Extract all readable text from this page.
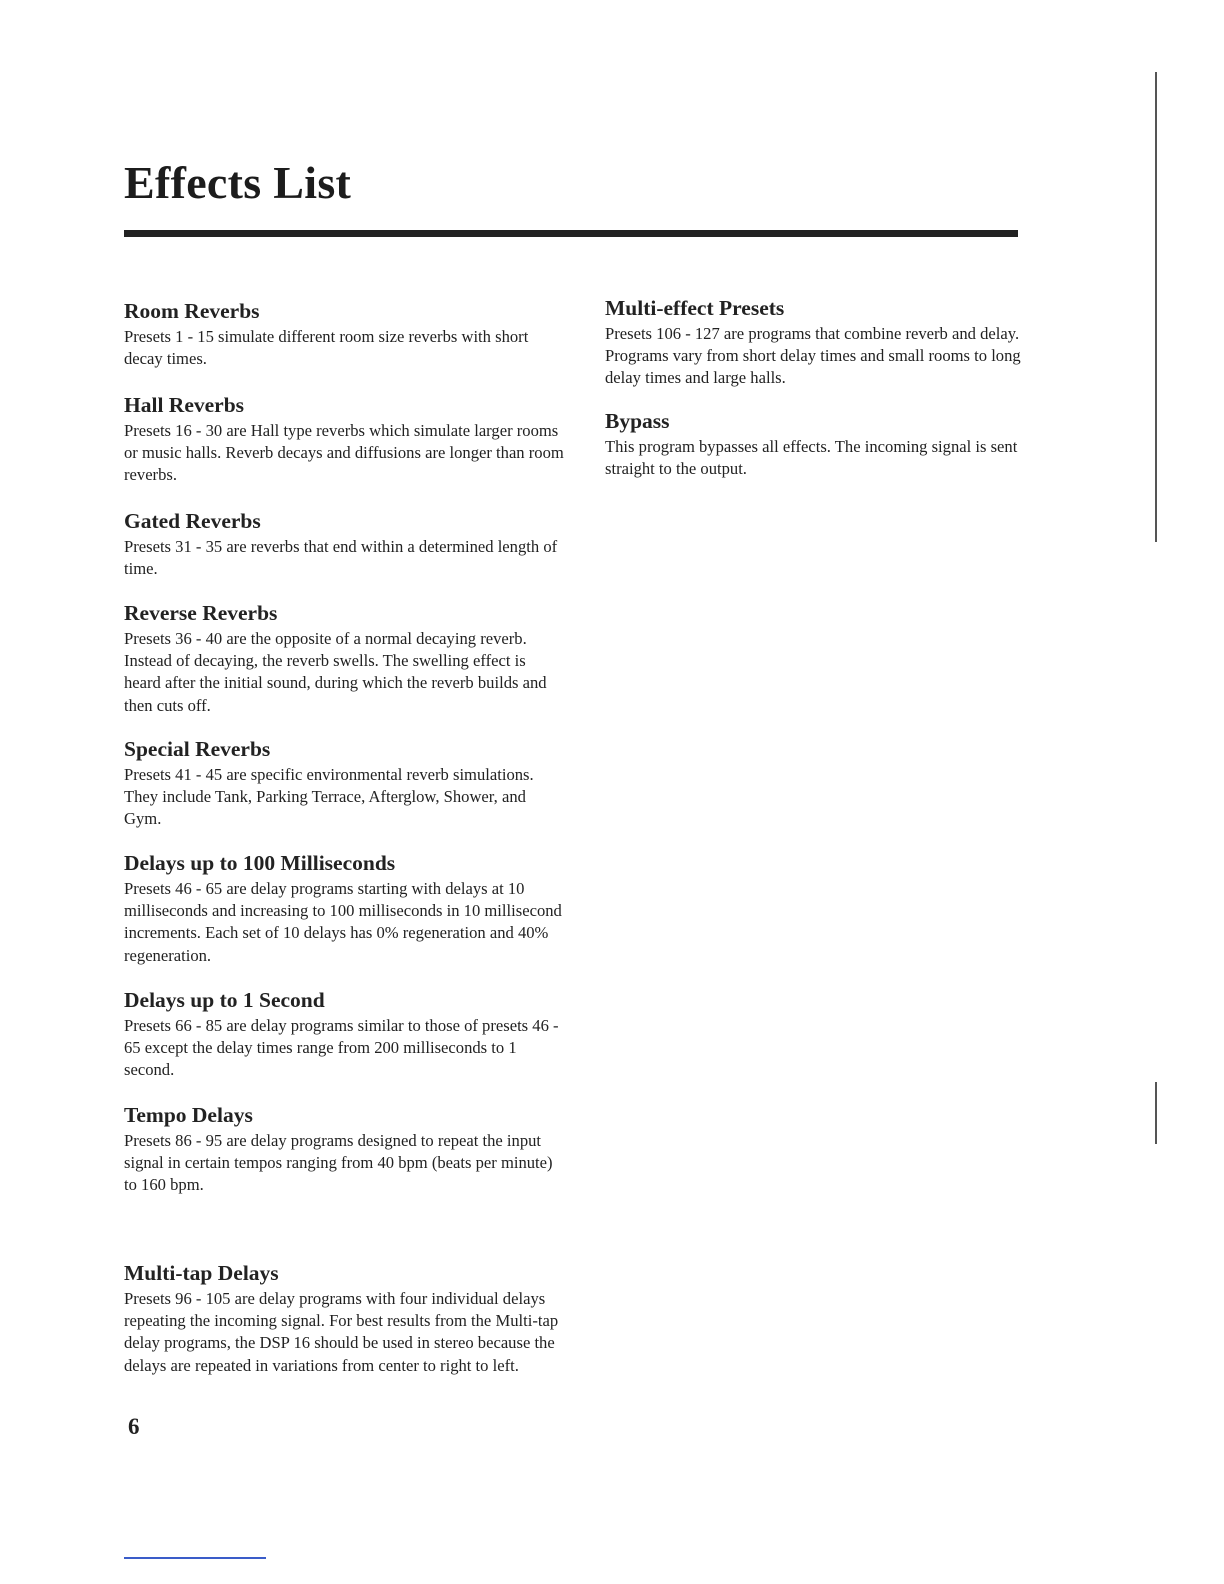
Effects List
Room Reverbs

Presets 1 - 15 simulate different room size reverbs with short decay times.

Hall Reverbs

Presets 16 - 30 are Hall type reverbs which simulate larger rooms or music halls. Reverb decays and diffusions are longer than room reverbs.

Gated Reverbs

Presets 31 - 35 are reverbs that end within a determined length of time.

Reverse Reverbs

Presets 36 - 40 are the opposite of a normal decaying reverb. Instead of decaying, the reverb swells. The swelling effect is heard after the initial sound, during which the reverb builds and then cuts off.

Special Reverbs

Presets 41 - 45 are specific environmental reverb simulations. They include Tank, Parking Terrace, Afterglow, Shower, and Gym.

Delays up to 100 Milliseconds

Presets 46 - 65 are delay programs starting with delays at 10 milliseconds and increasing to 100 milliseconds in 10 millisecond increments. Each set of 10 delays has 0% regeneration and 40% regeneration.

Delays up to 1 Second

Presets 66 - 85 are delay programs similar to those of presets 46 - 65 except the delay times range from 200 milliseconds to 1 second.

Tempo Delays

Presets 86 - 95 are delay programs designed to repeat the input signal in certain tempos ranging from 40 bpm (beats per minute) to 160 bpm.

Multi-tap Delays

Presets 96 - 105 are delay programs with four individual delays repeating the incoming signal. For best results from the Multi-tap delay programs, the DSP 16 should be used in stereo because the delays are repeated in variations from center to right to left.

Multi-effect Presets

Presets 106 - 127 are programs that combine reverb and delay. Programs vary from short delay times and small rooms to long delay times and large halls.

Bypass

This program bypasses all effects. The incoming signal is sent straight to the output.

6
